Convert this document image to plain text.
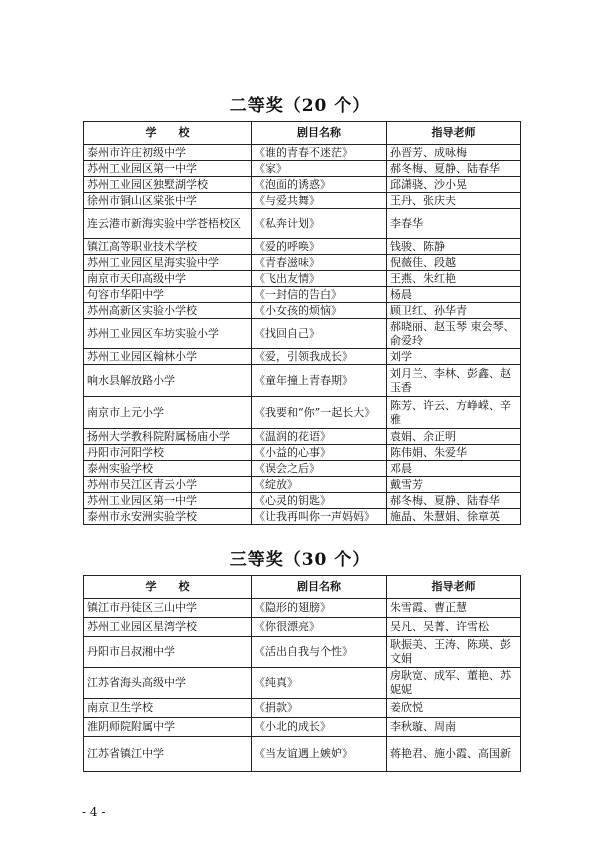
二等奖（20 个）
学　　校	剧目名称	指导老师
泰州市许庄初级中学	《谁的青春不迷茫》	孙晋芳、成咏梅
苏州工业园区第一中学	《家》	郝冬梅、夏静、陆春华
苏州工业园区独墅湖学校	《泡面的诱惑》	邱潇骁、沙小晃
徐州市铜山区棠张中学	《与爱共舞》	王丹、张庆夫
连云港市新海实验中学苍梧校区	《私奔计划》	李春华
镇江高等职业技术学校	《爱的呼唤》	钱骏、陈静
苏州工业园区星海实验中学	《青春滋味》	倪薇佳、段越
南京市天印高级中学	《飞出友情》	王燕、朱红艳
句容市华阳中学	《一封信的告白》	杨晨
苏州高新区实验小学校	《小女孩的烦恼》	顾卫红、孙华青
苏州工业园区车坊实验小学	《找回自己》	郝晓丽、赵玉琴 束会琴、俞爱玲
苏州工业园区翰林小学	《爱，引领我成长》	刘学
响水县解放路小学	《童年撞上青春期》	刘月兰、李林、彭鑫、赵玉香
南京市上元小学	《我要和“你”一起长大》	陈芳、许云、方峥嵘、辛雅
扬州大学教科院附属杨庙小学	《温润的花语》	袁娟、余正明
丹阳市河阳学校	《小益的心事》	陈伟娟、朱爱华
泰州实验学校	《误会之后》	邓晨
苏州市吴江区青云小学	《绽放》	戴雪芳
苏州工业园区第一中学	《心灵的钥匙》	郝冬梅、夏静、陆春华
泰州市永安洲实验学校	《让我再叫你一声妈妈》	施晶、朱慧娟、徐章英
三等奖（30 个）
学　　校	剧目名称	指导老师
镇江市丹徒区三山中学	《隐形的翅膀》	朱雪霞、曹正慧
苏州工业园区星湾学校	《你很漂亮》	吴凡、吴菁、许雪松
丹阳市吕叔湘中学	《活出自我与个性》	耿振美、王涛、陈瑛、彭文娟
江苏省海头高级中学	《纯真》	房耿宽、成军、董艳、苏妮妮
南京卫生学校	《捐款》	姜欣悦
淮阴师院附属中学	《小北的成长》	李秋璇、周南
江苏省镇江中学	《当友谊遇上嫉妒》	蒋艳君、施小霞、高国新
- 4 -
